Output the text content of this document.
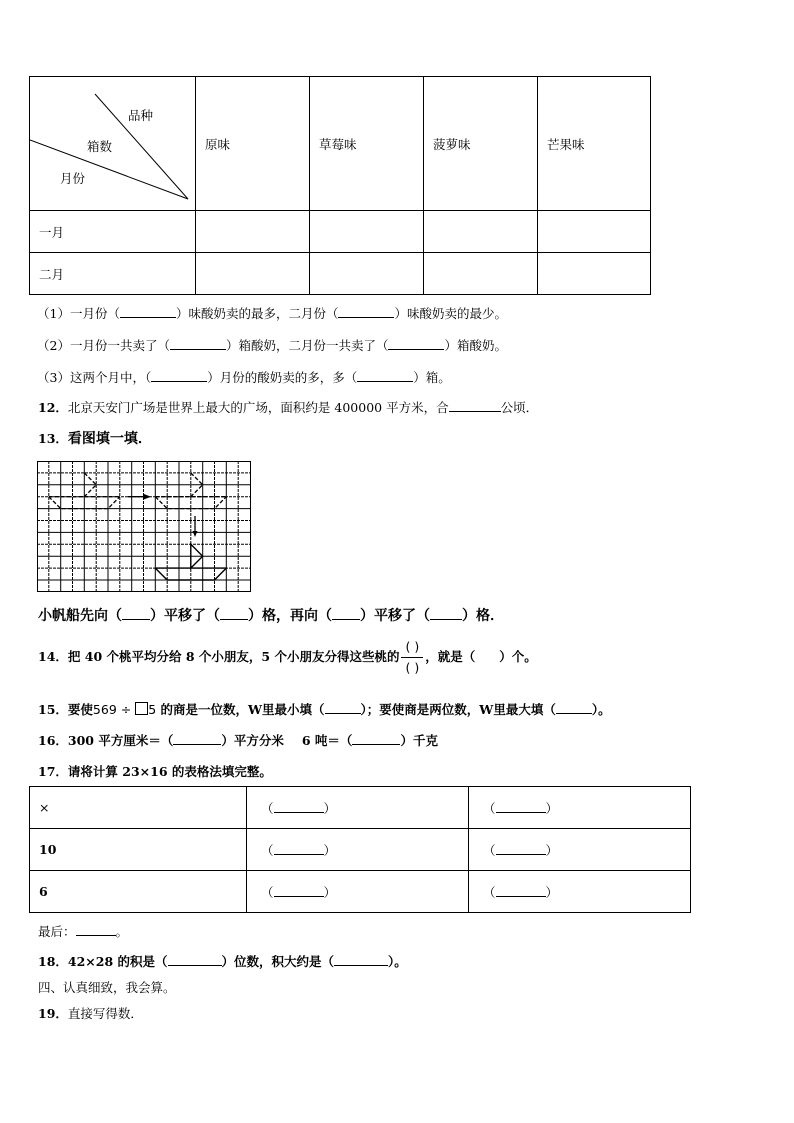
品种
箱数
月份	原味	草莓味	菠萝味	芒果味
一月				
二月				
（1）一月份（	）味酸奶卖的最多，二月份（	）味酸奶卖的最少。
（2）一月份一共卖了（	）箱酸奶，二月份一共卖了（	）箱酸奶。
（3）这两个月中，（	）月份的酸奶卖的多，多（	）箱。
12．北京天安门广场是世界上最大的广场，面积约是 400000 平方米，合	公顷．
13．看图填一填．
小帆船先向（ ）平移了（ ）格，再向（ ）平移了（ ）格．
14．把 40 个桃平均分给 8 个小朋友，5 个小朋友分得这些桃的 $\frac{( )}{( )}$ ，就是（ ）个。
15．要使569 ÷ 5 的商是一位数，W里最小填（	）；要使商是两位数，W里最大填（	）。
16．300 平方厘米＝（	）平方分米 6 吨＝（	）千克
17．请将计算 23×16 的表格法填完整。
×	（ ）	（ ）
10	（ ）	（ ）
6	（ ）	（ ）
最后：	。
18．42×28 的积是（	）位数，积大约是（	）。
四、认真细致，我会算。
19．直接写得数．
